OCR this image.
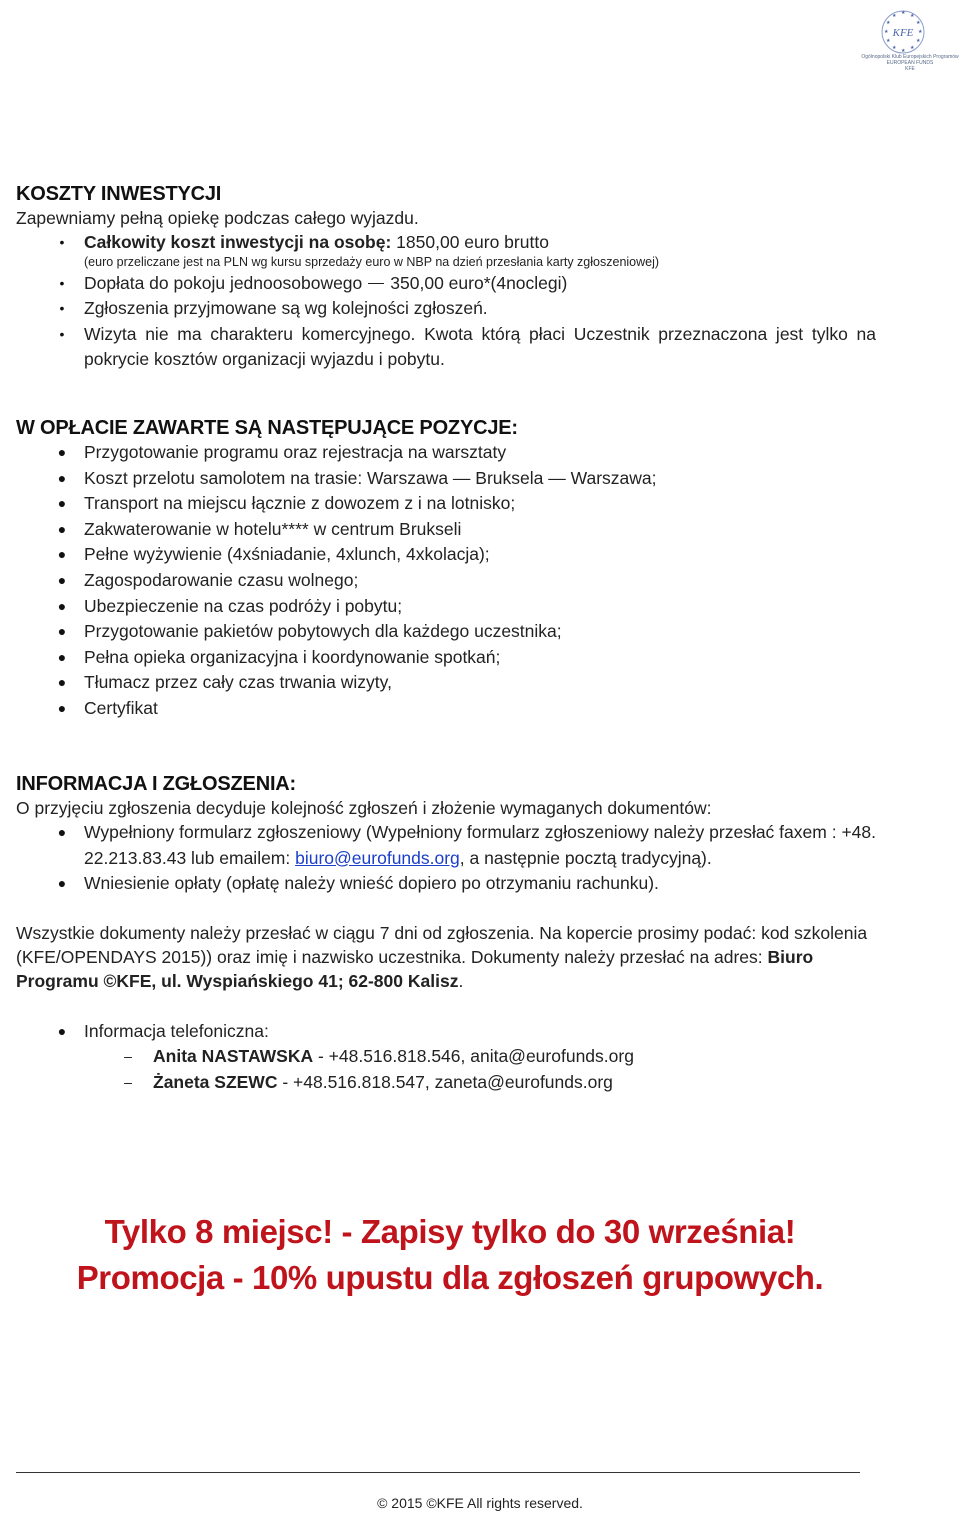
★ ★
★
★
★
★
★
★
★
★
★ ★
KFE
Ogólnopolski Klub Europejskich Programów
EUROPEAN FUNDS
KFE
KOSZTY INWESTYCJI
Zapewniamy pełną opiekę podczas całego wyjazdu.
•	Całkowity koszt inwestycji na osobę: 1850,00 euro brutto
(euro przeliczane jest na PLN wg kursu sprzedaży euro w NBP na dzień przesłania karty zgłoszeniowej)
•	Dopłata do pokoju jednoosobowego 350,00 euro*(4noclegi)
•	Zgłoszenia przyjmowane są wg kolejności zgłoszeń.
•	Wizyta nie ma charakteru komercyjnego. Kwota którą płaci Uczestnik przeznaczona jest tylko na pokrycie kosztów organizacji wyjazdu i pobytu.
W OPŁACIE ZAWARTE SĄ NASTĘPUJĄCE POZYCJE:
●	Przygotowanie programu oraz rejestracja na warsztaty
●	Koszt przelotu samolotem na trasie: Warszawa — Bruksela — Warszawa;
●	Transport na miejscu łącznie z dowozem z i na lotnisko;
●	Zakwaterowanie w hotelu**** w centrum Brukseli
●	Pełne wyżywienie (4xśniadanie, 4xlunch, 4xkolacja);
●	Zagospodarowanie czasu wolnego;
●	Ubezpieczenie na czas podróży i pobytu;
●	Przygotowanie pakietów pobytowych dla każdego uczestnika;
●	Pełna opieka organizacyjna i koordynowanie spotkań;
●	Tłumacz przez cały czas trwania wizyty,
●	Certyfikat
INFORMACJA I ZGŁOSZENIA:
O przyjęciu zgłoszenia decyduje kolejność zgłoszeń i złożenie wymaganych dokumentów:
●	Wypełniony formularz zgłoszeniowy (Wypełniony formularz zgłoszeniowy należy przesłać faxem : +48. 22.213.83.43 lub emailem: biuro@eurofunds.org, a następnie pocztą tradycyjną).
●	Wniesienie opłaty (opłatę należy wnieść dopiero po otrzymaniu rachunku).
Wszystkie dokumenty należy przesłać w ciągu 7 dni od zgłoszenia. Na kopercie prosimy podać: kod szkolenia (KFE/OPENDAYS 2015)) oraz imię i nazwisko uczestnika. Dokumenty należy przesłać na adres: Biuro Programu ©KFE, ul. Wyspiańskiego 41; 62-800 Kalisz.
●	Informacja telefoniczna:
–	Anita NASTAWSKA - +48.516.818.546, anita@eurofunds.org
–	Żaneta SZEWC - +48.516.818.547, zaneta@eurofunds.org
Tylko 8 miejsc! - Zapisy tylko do 30 września!
Promocja - 10% upustu dla zgłoszeń grupowych.
© 2015 ©KFE All rights reserved.
